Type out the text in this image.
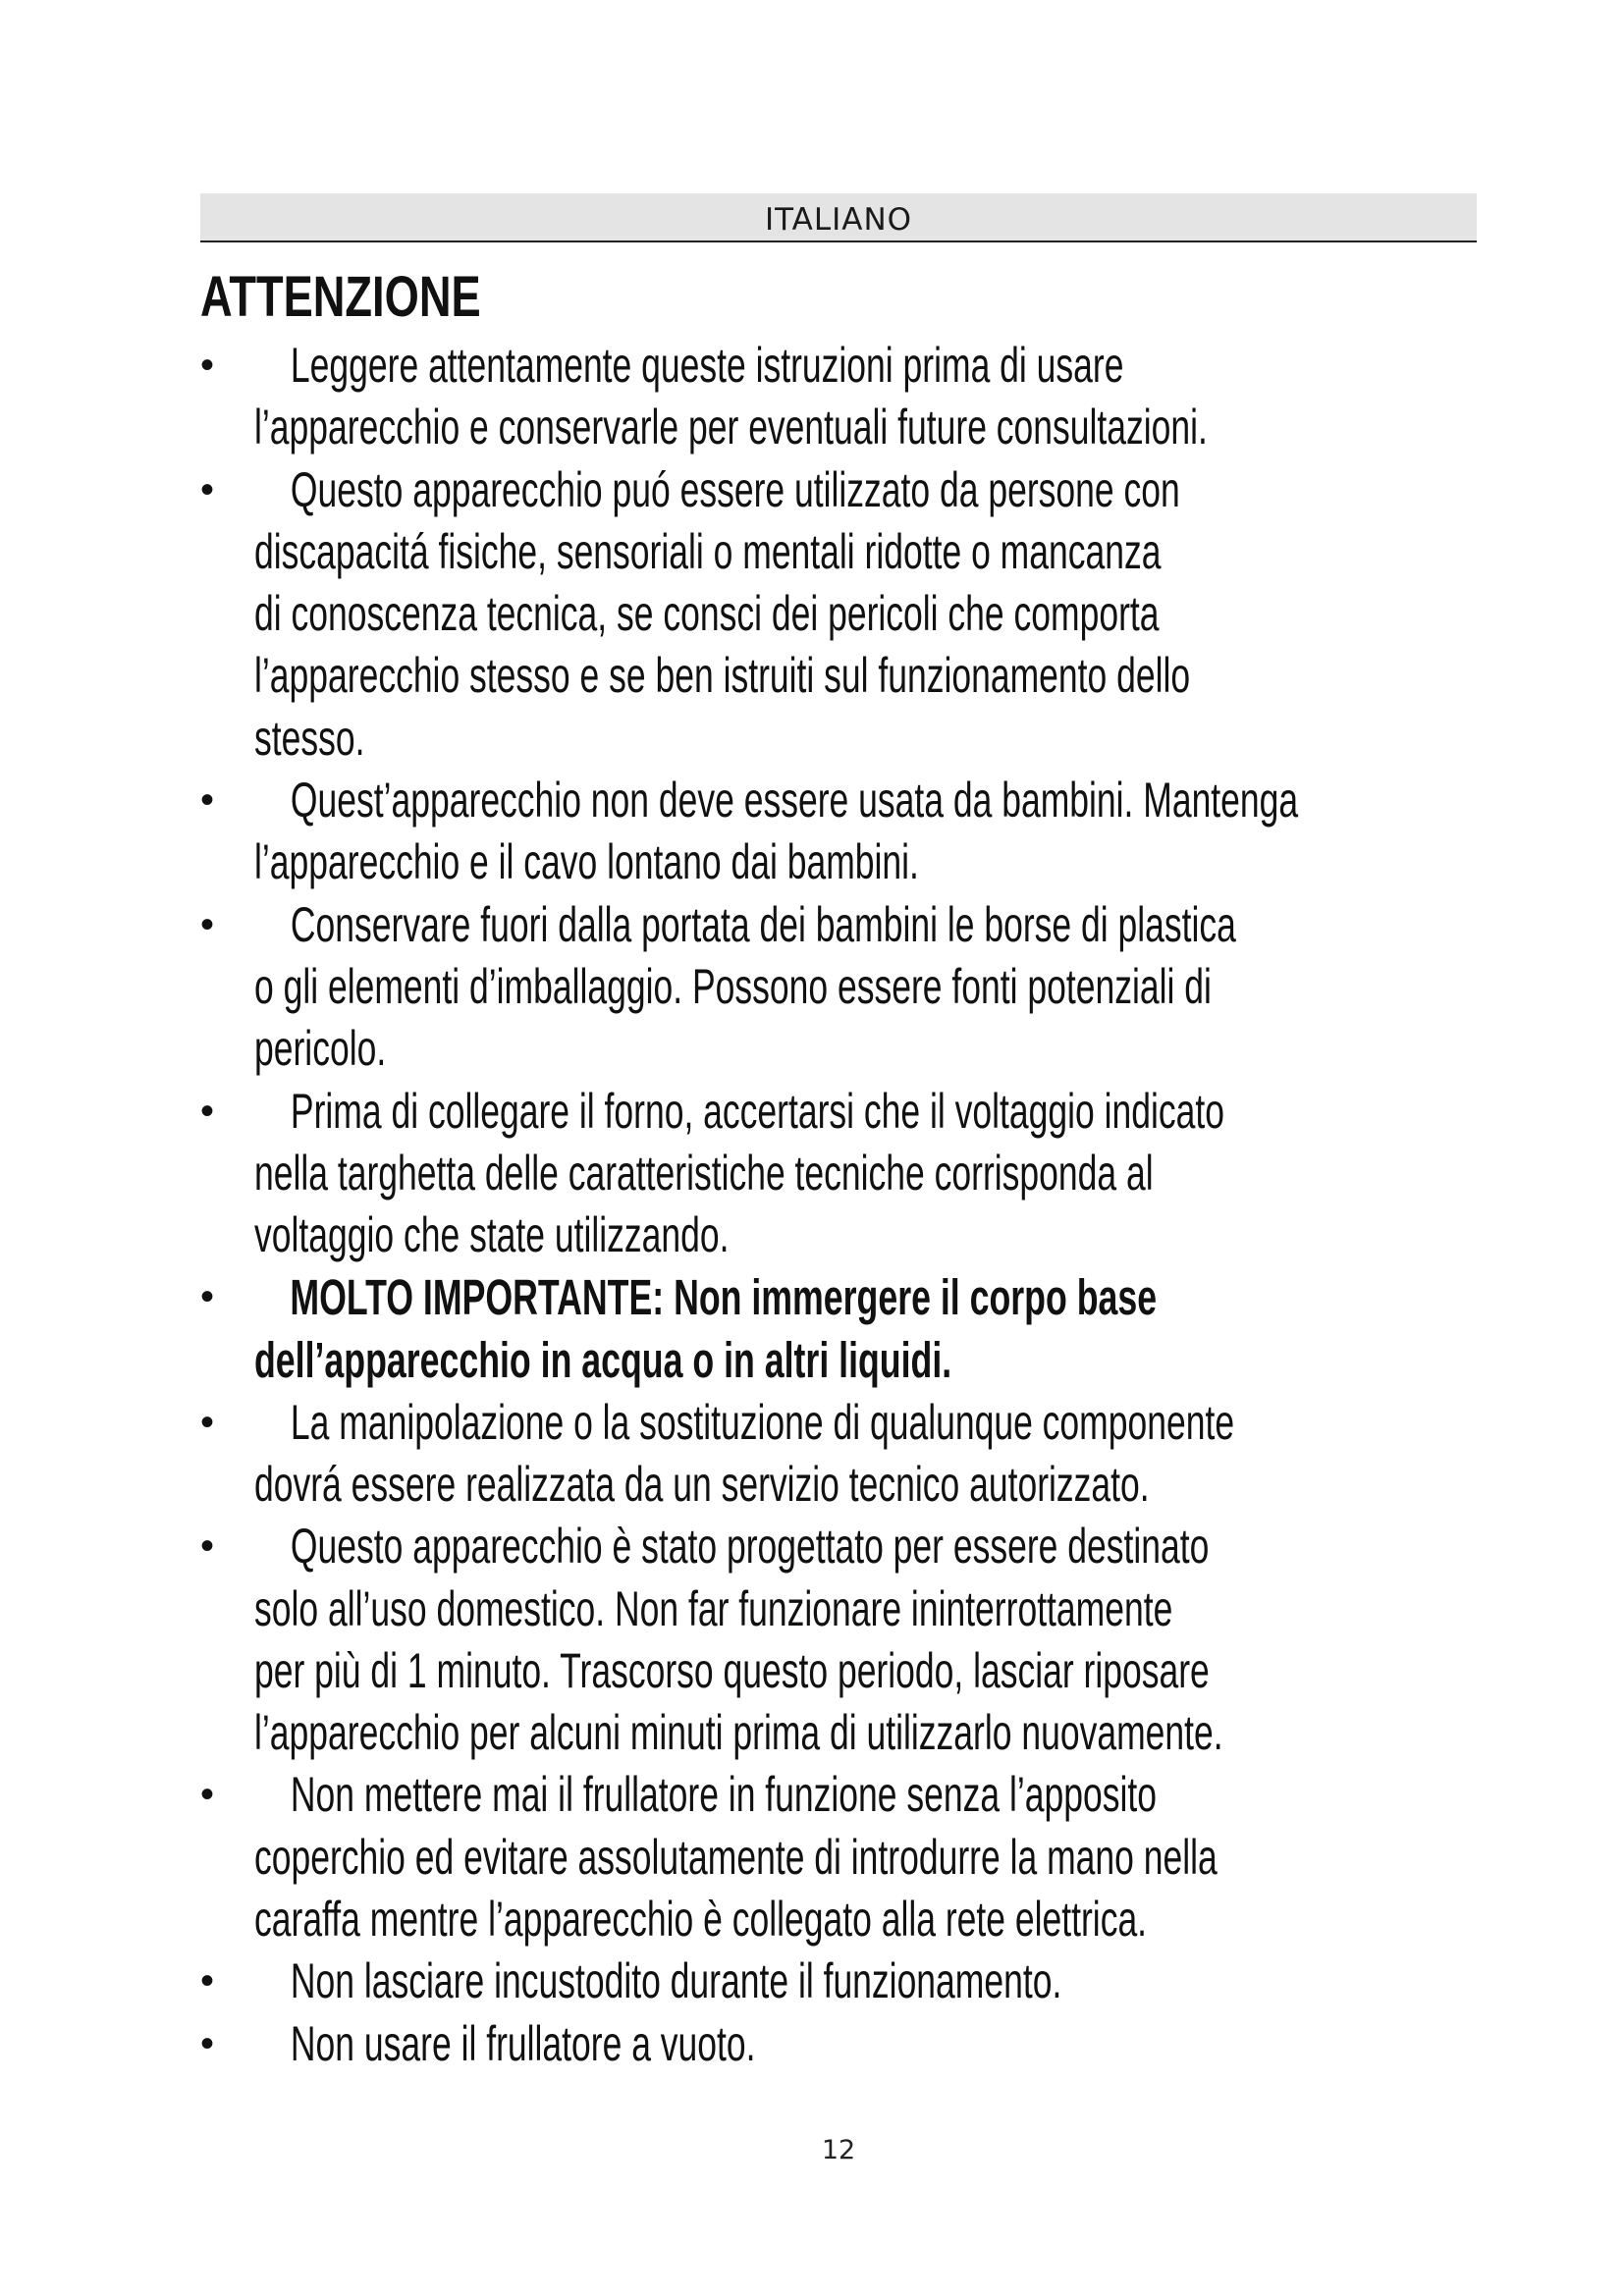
ITALIANO
ATTENZIONE
•	Leggere attentamente queste istruzioni prima di usare
l’apparecchio e conservarle per eventuali future consultazioni.
•	Questo apparecchio puó essere utilizzato da persone con
discapacitá fisiche, sensoriali o mentali ridotte o mancanza
di conoscenza tecnica, se consci dei pericoli che comporta
l’apparecchio stesso e se ben istruiti sul funzionamento dello
stesso.
•	Quest’apparecchio non deve essere usata da bambini. Mantenga
l’apparecchio e il cavo lontano dai bambini.
•	Conservare fuori dalla portata dei bambini le borse di plastica
o gli elementi d’imballaggio. Possono essere fonti potenziali di
pericolo.
•	Prima di collegare il forno, accertarsi che il voltaggio indicato
nella targhetta delle caratteristiche tecniche corrisponda al
voltaggio che state utilizzando.
•	MOLTO IMPORTANTE: Non immergere il corpo base
dell’apparecchio in acqua o in altri liquidi.
•	La manipolazione o la sostituzione di qualunque componente
dovrá essere realizzata da un servizio tecnico autorizzato.
•	Questo apparecchio è stato progettato per essere destinato
solo all’uso domestico. Non far funzionare ininterrottamente
per più di 1 minuto. Trascorso questo periodo, lasciar riposare
l’apparecchio per alcuni minuti prima di utilizzarlo nuovamente.
•	Non mettere mai il frullatore in funzione senza l’apposito
coperchio ed evitare assolutamente di introdurre la mano nella
caraffa mentre l’apparecchio è collegato alla rete elettrica.
•	Non lasciare incustodito durante il funzionamento.
•	Non usare il frullatore a vuoto.
12
